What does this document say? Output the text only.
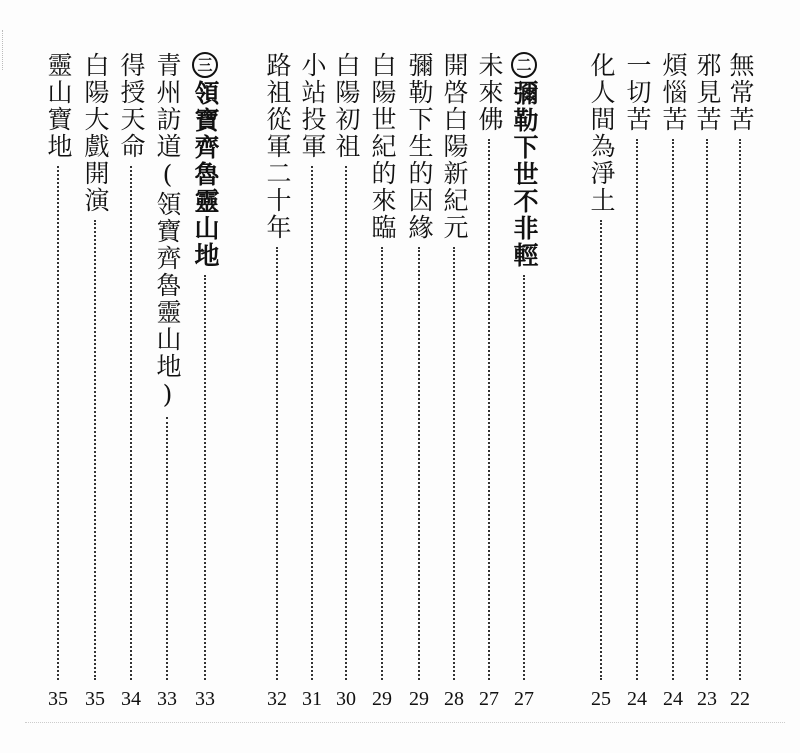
無常苦
22
邪見苦
23
煩惱苦
24
一切苦
24
化人間為淨土
25
二
彌勒下世不非輕
27
未來佛
27
開啓白陽新紀元
28
彌勒下生的因緣
29
白陽世紀的來臨
29
白陽初祖
30
小站投軍
31
路祖從軍二十年
32
三
領寶齊魯靈山地
33
青州訪道(領寶齊魯靈山地)
33
得授天命
34
白陽大戲開演
35
靈山寶地
35
